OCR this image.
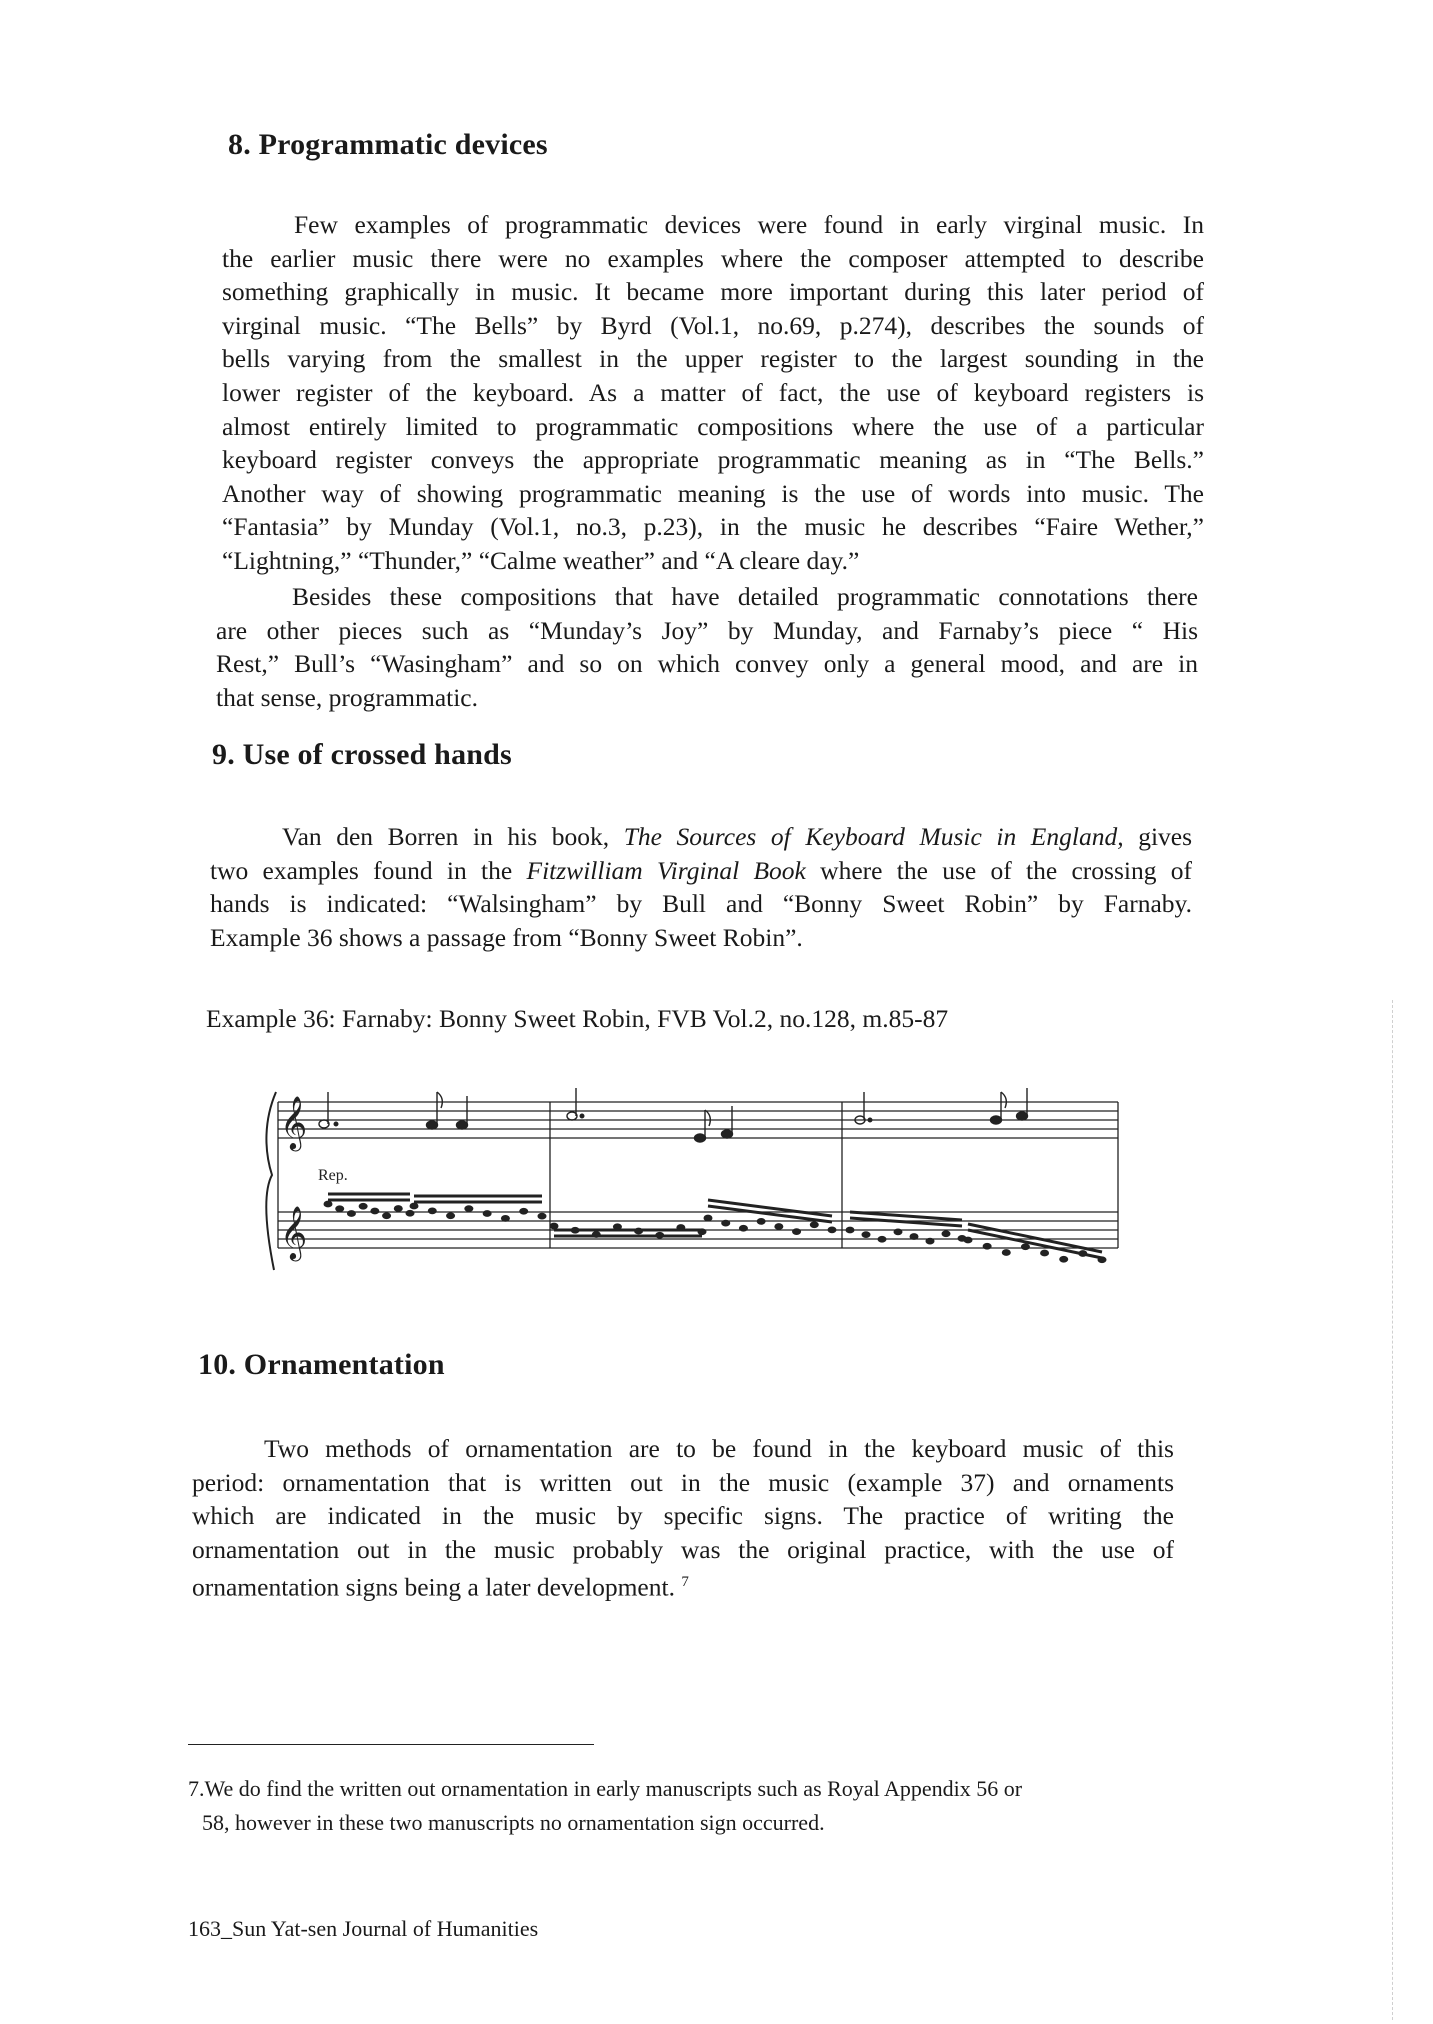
8. Programmatic devices
Few examples of programmatic devices were found in early virginal music. In
the earlier music there were no examples where the composer attempted to describe
something graphically in music. It became more important during this later period of
virginal music. “The Bells” by Byrd (Vol.1, no.69, p.274), describes the sounds of
bells varying from the smallest in the upper register to the largest sounding in the
lower register of the keyboard. As a matter of fact, the use of keyboard registers is
almost entirely limited to programmatic compositions where the use of a particular
keyboard register conveys the appropriate programmatic meaning as in “The Bells.”
Another way of showing programmatic meaning is the use of words into music. The
“Fantasia” by Munday (Vol.1, no.3, p.23), in the music he describes “Faire Wether,”
“Lightning,” “Thunder,” “Calme weather” and “A cleare day.”
Besides these compositions that have detailed programmatic connotations there
are other pieces such as “Munday’s Joy” by Munday, and Farnaby’s piece “ His
Rest,” Bull’s “Wasingham” and so on which convey only a general mood, and are in
that sense, programmatic.
9. Use of crossed hands
Van den Borren in his book, The Sources of Keyboard Music in England, gives
two examples found in the Fitzwilliam Virginal Book where the use of the crossing of
hands is indicated: “Walsingham” by Bull and “Bonny Sweet Robin” by Farnaby.
Example 36 shows a passage from “Bonny Sweet Robin”.

Example 36: Farnaby: Bonny Sweet Robin, FVB Vol.2, no.128, m.85-87

𝄞
𝄞
Rep.
10. Ornamentation
Two methods of ornamentation are to be found in the keyboard music of this
period: ornamentation that is written out in the music (example 37) and ornaments
which are indicated in the music by specific signs. The practice of writing the
ornamentation out in the music probably was the original practice, with the use of
ornamentation signs being a later development. $^7$

7.We do find the written out ornamentation in early manuscripts such as Royal Appendix 56 or
58, however in these two manuscripts no ornamentation sign occurred.

163_Sun Yat-sen Journal of Humanities
